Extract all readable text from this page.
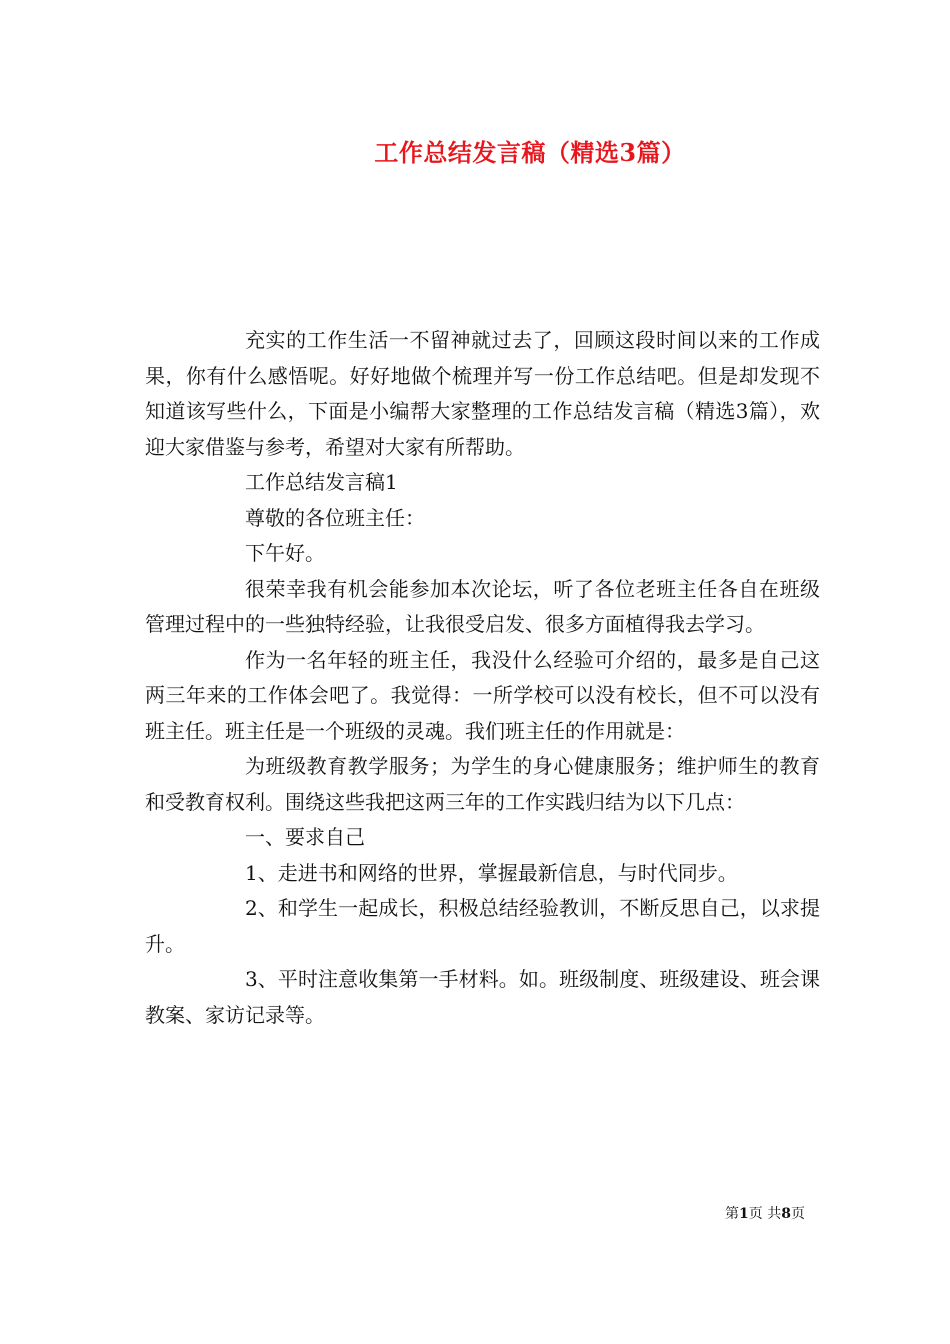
工作总结发言稿（精选3篇）

充实的工作生活一不留神就过去了，回顾这段时间以来的工作成果，你有什么感悟呢。好好地做个梳理并写一份工作总结吧。但是却发现不知道该写些什么，下面是小编帮大家整理的工作总结发言稿（精选3篇），欢迎大家借鉴与参考，希望对大家有所帮助。

工作总结发言稿1

尊敬的各位班主任：

下午好。

很荣幸我有机会能参加本次论坛，听了各位老班主任各自在班级管理过程中的一些独特经验，让我很受启发、很多方面植得我去学习。

作为一名年轻的班主任，我没什么经验可介绍的，最多是自己这两三年来的工作体会吧了。我觉得：一所学校可以没有校长，但不可以没有班主任。班主任是一个班级的灵魂。我们班主任的作用就是：

为班级教育教学服务；为学生的身心健康服务；维护师生的教育和受教育权利。围绕这些我把这两三年的工作实践归结为以下几点：

一、要求自己

1、走进书和网络的世界，掌握最新信息，与时代同步。

2、和学生一起成长，积极总结经验教训，不断反思自己，以求提升。

3、平时注意收集第一手材料。如。班级制度、班级建设、班会课教案、家访记录等。

第1页 共8页
